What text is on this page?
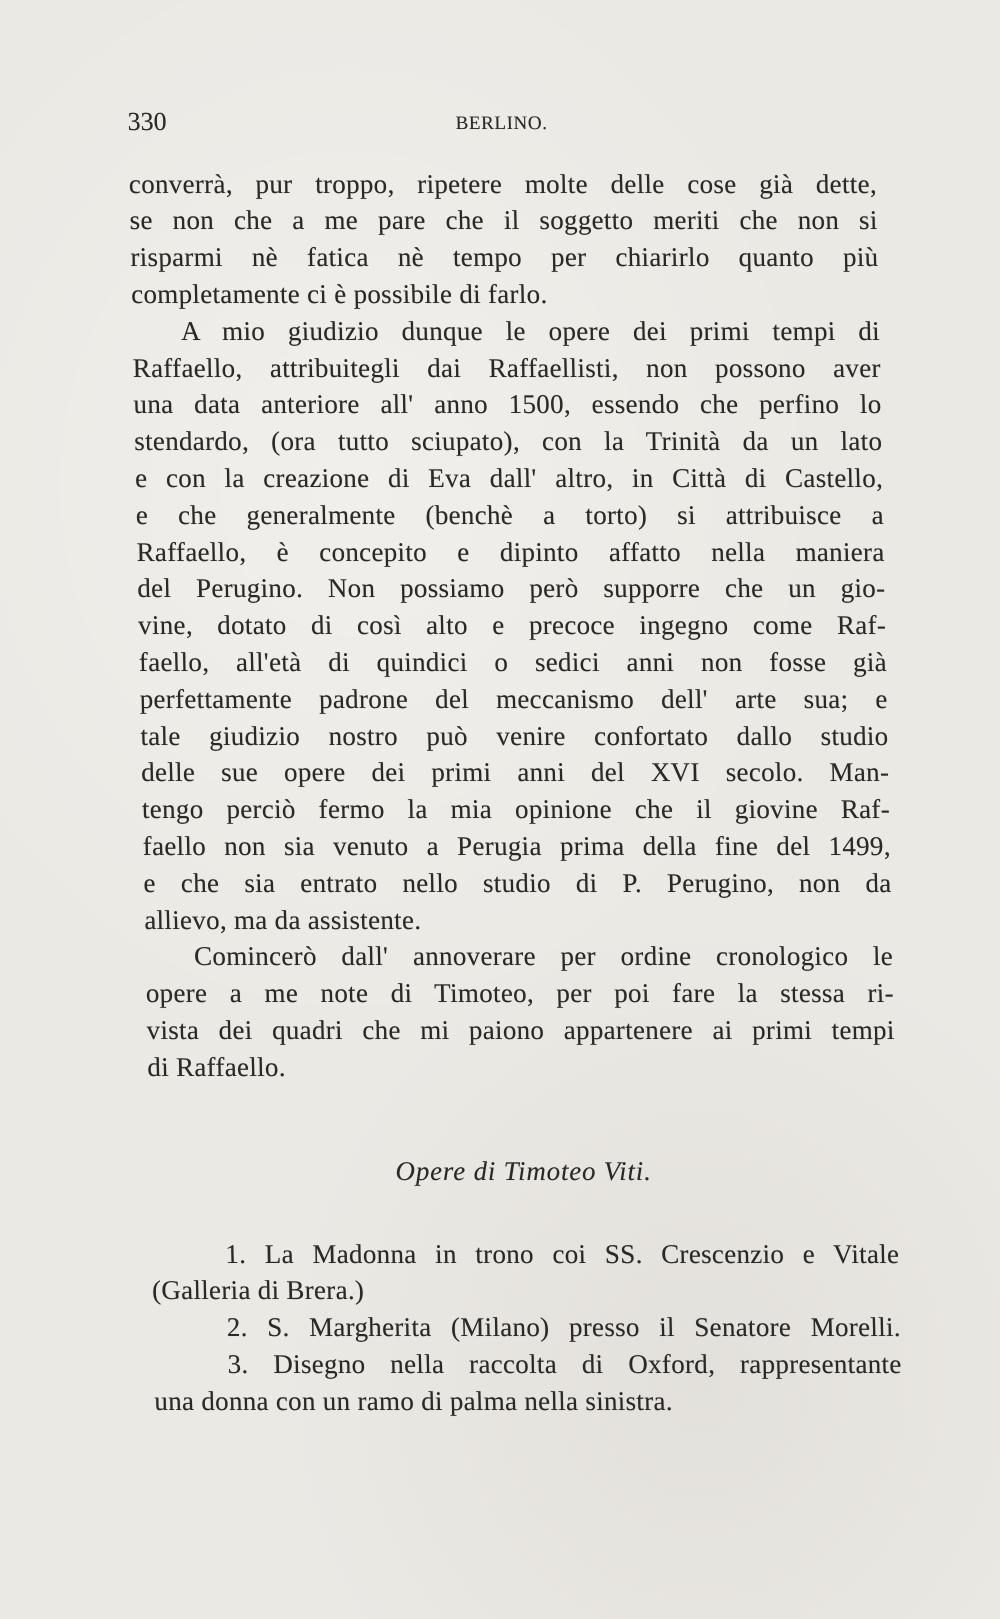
330	BERLINO.
converrà, pur troppo, ripetere molte delle cose già dette,
se non che a me pare che il soggetto meriti che non si
risparmi nè fatica nè tempo per chiarirlo quanto più
completamente ci è possibile di farlo.
A mio giudizio dunque le opere dei primi tempi di
Raffaello, attribuitegli dai Raffaellisti, non possono aver
una data anteriore all' anno 1500, essendo che perfino lo
stendardo, (ora tutto sciupato), con la Trinità da un lato
e con la creazione di Eva dall' altro, in Città di Castello,
e che generalmente (benchè a torto) si attribuisce a
Raffaello, è concepito e dipinto affatto nella maniera
del Perugino. Non possiamo però supporre che un gio-
vine, dotato di così alto e precoce ingegno come Raf-
faello, all'età di quindici o sedici anni non fosse già
perfettamente padrone del meccanismo dell' arte sua; e
tale giudizio nostro può venire confortato dallo studio
delle sue opere dei primi anni del XVI secolo. Man-
tengo perciò fermo la mia opinione che il giovine Raf-
faello non sia venuto a Perugia prima della fine del 1499,
e che sia entrato nello studio di P. Perugino, non da
allievo, ma da assistente.
Comincerò dall' annoverare per ordine cronologico le
opere a me note di Timoteo, per poi fare la stessa ri-
vista dei quadri che mi paiono appartenere ai primi tempi
di Raffaello.
Opere di Timoteo Viti.
1. La Madonna in trono coi SS. Crescenzio e Vitale
(Galleria di Brera.)
2. S. Margherita (Milano) presso il Senatore Morelli.
3. Disegno nella raccolta di Oxford, rappresentante
una donna con un ramo di palma nella sinistra.
